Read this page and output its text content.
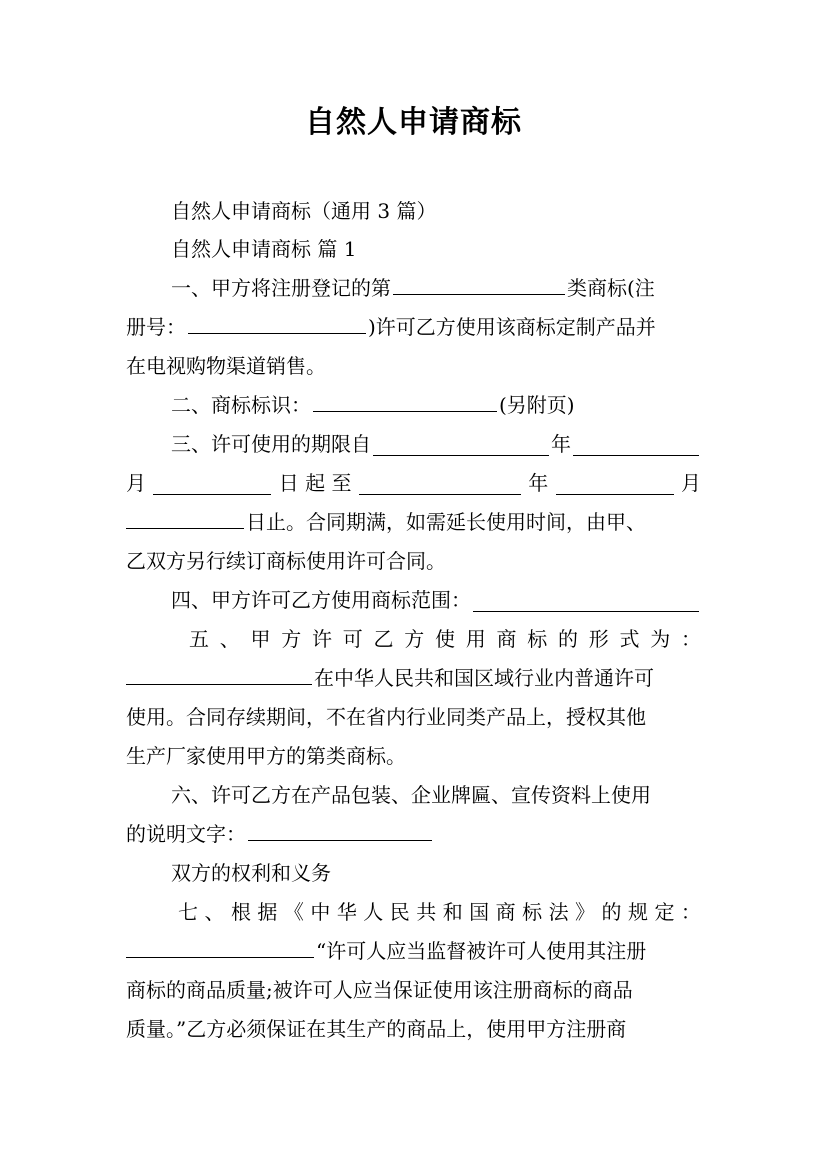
自然人申请商标
自然人申请商标（通用 3 篇）
自然人申请商标 篇 1
一、甲方将注册登记的第	类商标(注
册号：	)许可乙方使用该商标定制产品并
在电视购物渠道销售。
二、商标标识：	(另附页)
三、许可使用的期限自	年
月	日 起 至	年	月
日止。合同期满，如需延长使用时间，由甲、
乙双方另行续订商标使用许可合同。
四、甲方许可乙方使用商标范围：
五 、 甲 方 许 可 乙 方 使 用 商 标 的 形 式 为 ：
在中华人民共和国区域行业内普通许可
使用。合同存续期间，不在省内行业同类产品上，授权其他
生产厂家使用甲方的第类商标。
六、许可乙方在产品包装、企业牌匾、宣传资料上使用
的说明文字：
双方的权利和义务
七 、 根 据 《 中 华 人 民 共 和 国 商 标 法 》 的 规 定 ：
“许可人应当监督被许可人使用其注册
商标的商品质量;被许可人应当保证使用该注册商标的商品
质量。”乙方必须保证在其生产的商品上，使用甲方注册商
